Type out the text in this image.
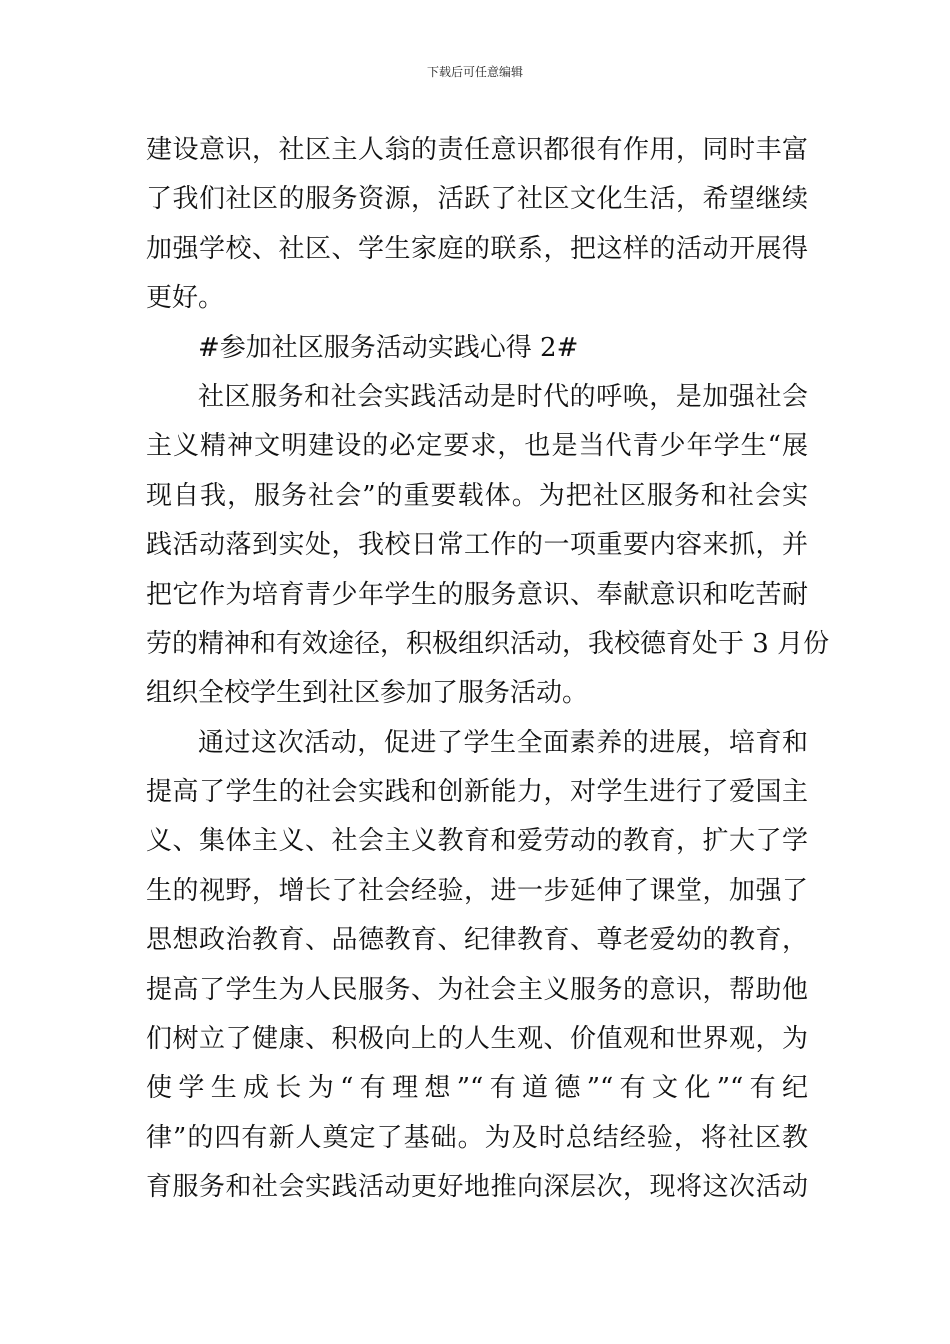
下载后可任意编辑
建设意识，社区主人翁的责任意识都很有作用，同时丰富
了我们社区的服务资源，活跃了社区文化生活，希望继续
加强学校、社区、学生家庭的联系，把这样的活动开展得
更好。
#参加社区服务活动实践心得 2#
社区服务和社会实践活动是时代的呼唤，是加强社会
主义精神文明建设的必定要求，也是当代青少年学生“展
现自我，服务社会”的重要载体。为把社区服务和社会实
践活动落到实处，我校日常工作的一项重要内容来抓，并
把它作为培育青少年学生的服务意识、奉献意识和吃苦耐
劳的精神和有效途径，积极组织活动，我校德育处于 3 月份
组织全校学生到社区参加了服务活动。
通过这次活动，促进了学生全面素养的进展，培育和
提高了学生的社会实践和创新能力，对学生进行了爱国主
义、集体主义、社会主义教育和爱劳动的教育，扩大了学
生的视野，增长了社会经验，进一步延伸了课堂，加强了
思想政治教育、品德教育、纪律教育、尊老爱幼的教育，
提高了学生为人民服务、为社会主义服务的意识，帮助他
们树立了健康、积极向上的人生观、价值观和世界观，为
使学生成长为“有理想”“有道德”“有文化”“有纪
律”的四有新人奠定了基础。为及时总结经验，将社区教
育服务和社会实践活动更好地推向深层次，现将这次活动
